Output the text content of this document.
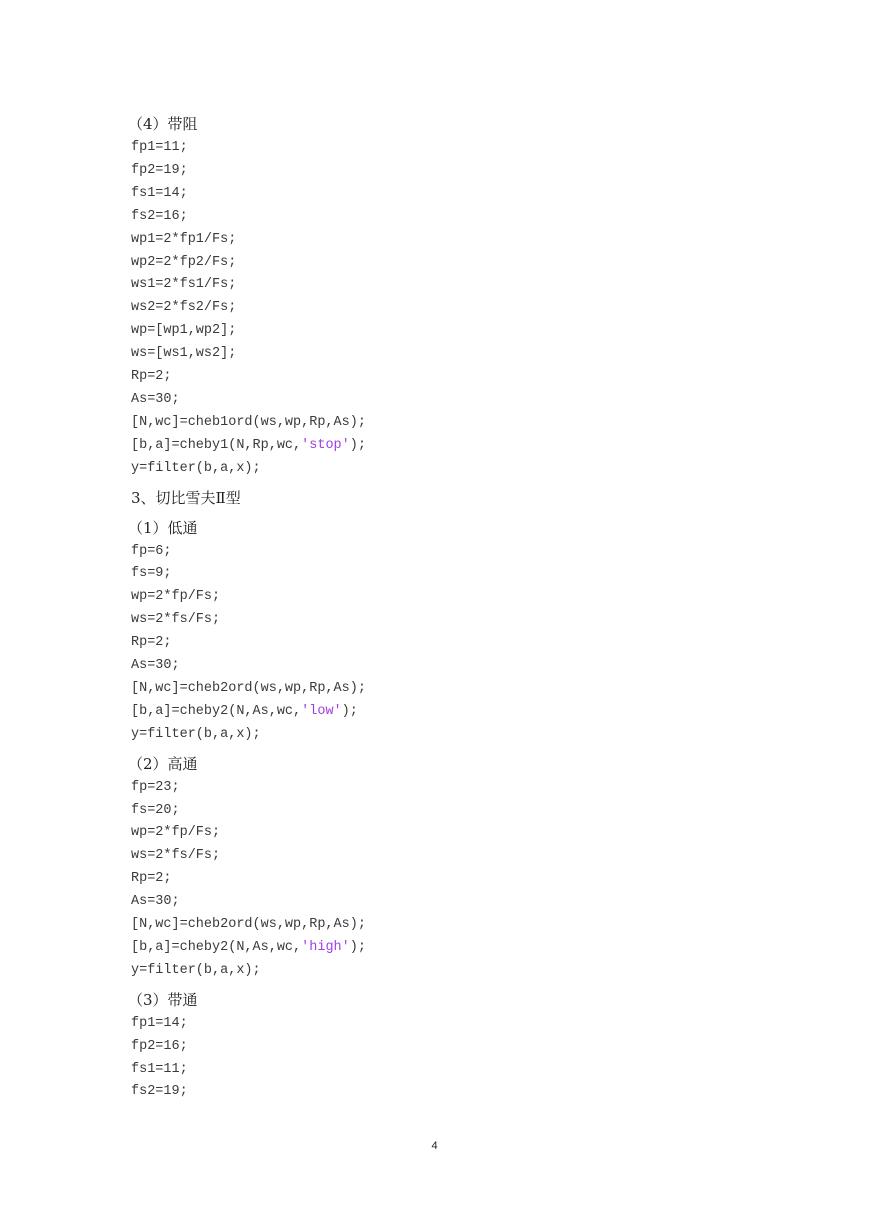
（4）带阻
fp1=11;
fp2=19;
fs1=14;
fs2=16;
wp1=2*fp1/Fs;
wp2=2*fp2/Fs;
ws1=2*fs1/Fs;
ws2=2*fs2/Fs;
wp=[wp1,wp2];
ws=[ws1,ws2];
Rp=2;
As=30;
[N,wc]=cheb1ord(ws,wp,Rp,As);
[b,a]=cheby1(N,Rp,wc,'stop');
y=filter(b,a,x);
3、切比雪夫Ⅱ型
（1）低通
fp=6;
fs=9;
wp=2*fp/Fs;
ws=2*fs/Fs;
Rp=2;
As=30;
[N,wc]=cheb2ord(ws,wp,Rp,As);
[b,a]=cheby2(N,As,wc,'low');
y=filter(b,a,x);
（2）高通
fp=23;
fs=20;
wp=2*fp/Fs;
ws=2*fs/Fs;
Rp=2;
As=30;
[N,wc]=cheb2ord(ws,wp,Rp,As);
[b,a]=cheby2(N,As,wc,'high');
y=filter(b,a,x);
（3）带通
fp1=14;
fp2=16;
fs1=11;
fs2=19;
4
